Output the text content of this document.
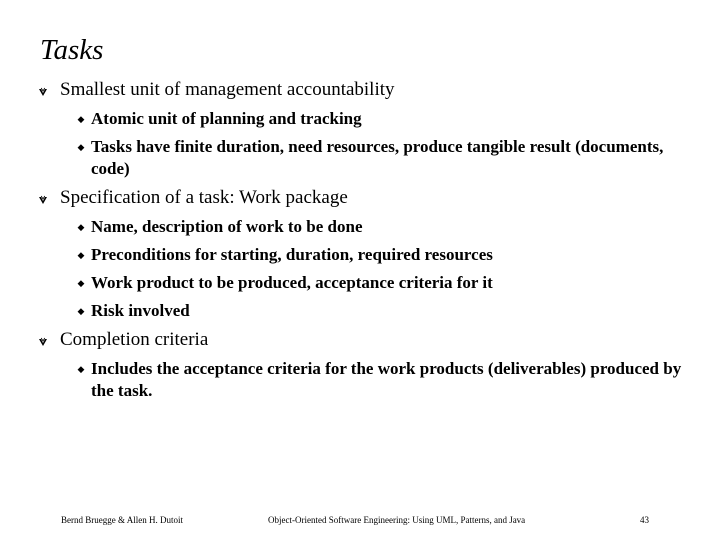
Tasks
Smallest unit of management accountability
◆ Atomic unit of planning and tracking
◆ Tasks have finite duration, need resources, produce tangible result (documents, code)
Specification of a task: Work package
◆ Name, description of work to be done
◆ Preconditions for starting, duration, required resources
◆ Work product to be produced, acceptance criteria for it
◆ Risk involved
Completion criteria
◆ Includes the acceptance criteria for the work products (deliverables) produced by the task.
Bernd Bruegge & Allen H. Dutoit	Object-Oriented Software Engineering: Using UML, Patterns, and Java	43
